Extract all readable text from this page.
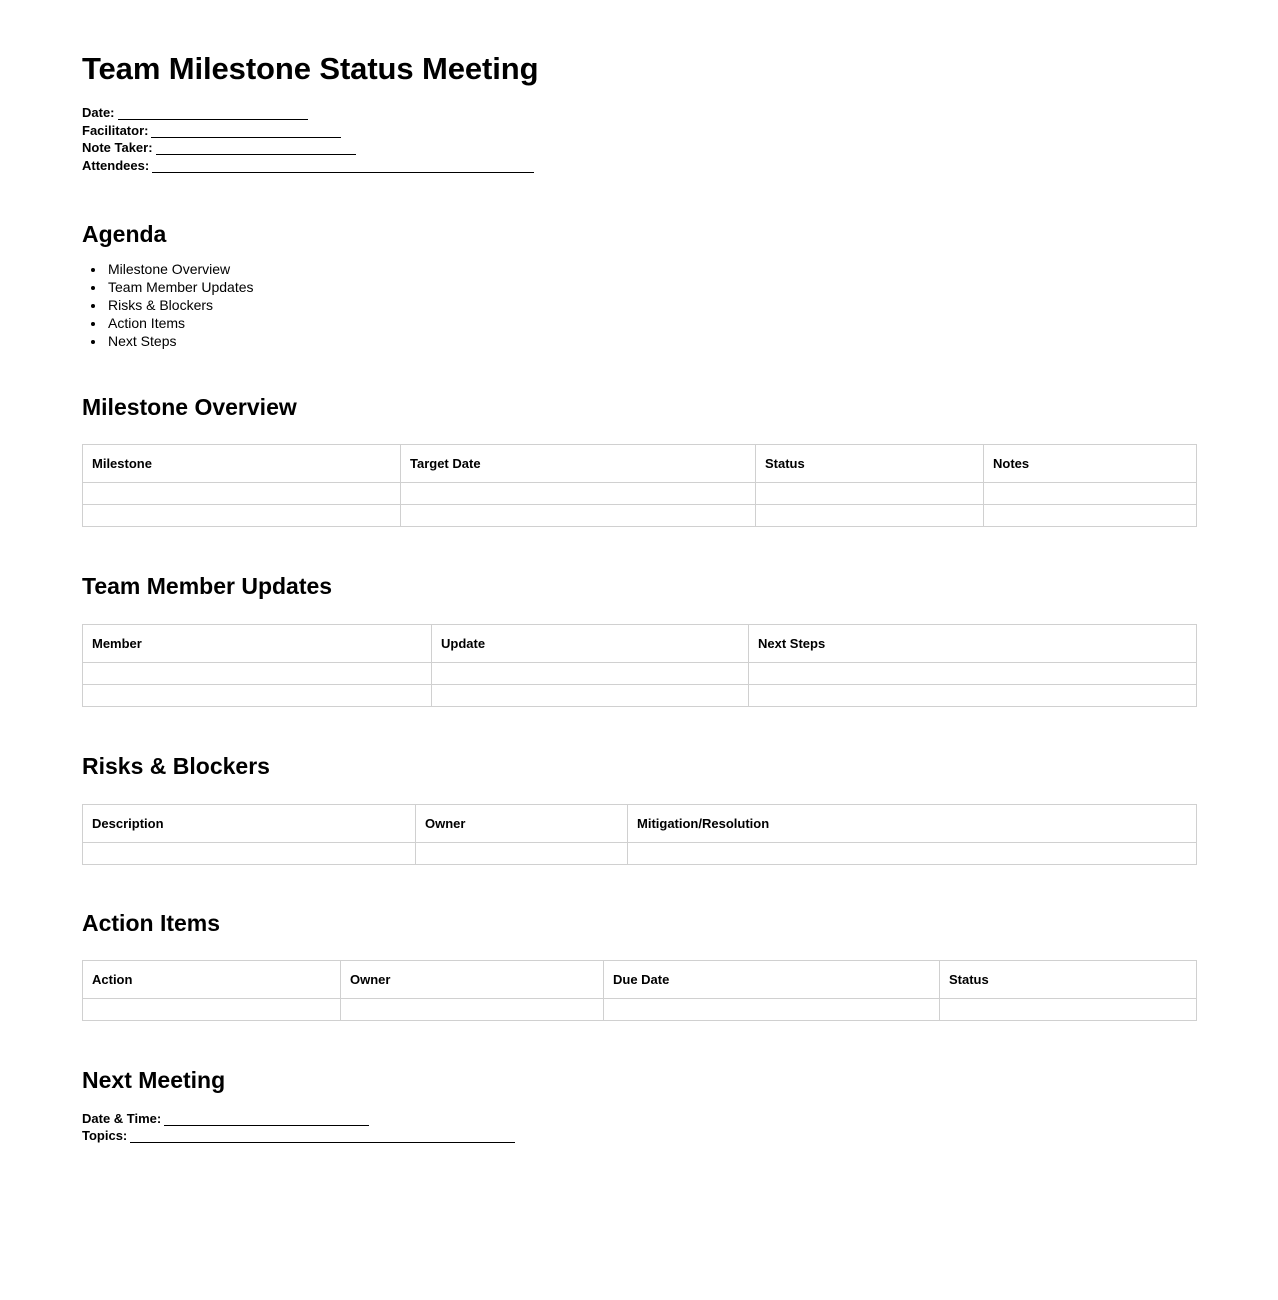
Team Milestone Status Meeting
Date:
Facilitator:
Note Taker:
Attendees:
Agenda
• Milestone Overview
• Team Member Updates
• Risks & Blockers
• Action Items
• Next Steps
Milestone Overview
Milestone	Target Date	Status	Notes

Team Member Updates
Member	Update	Next Steps

Risks & Blockers
Description	Owner	Mitigation/Resolution

Action Items
Action	Owner	Due Date	Status

Next Meeting
Date & Time:
Topics:
